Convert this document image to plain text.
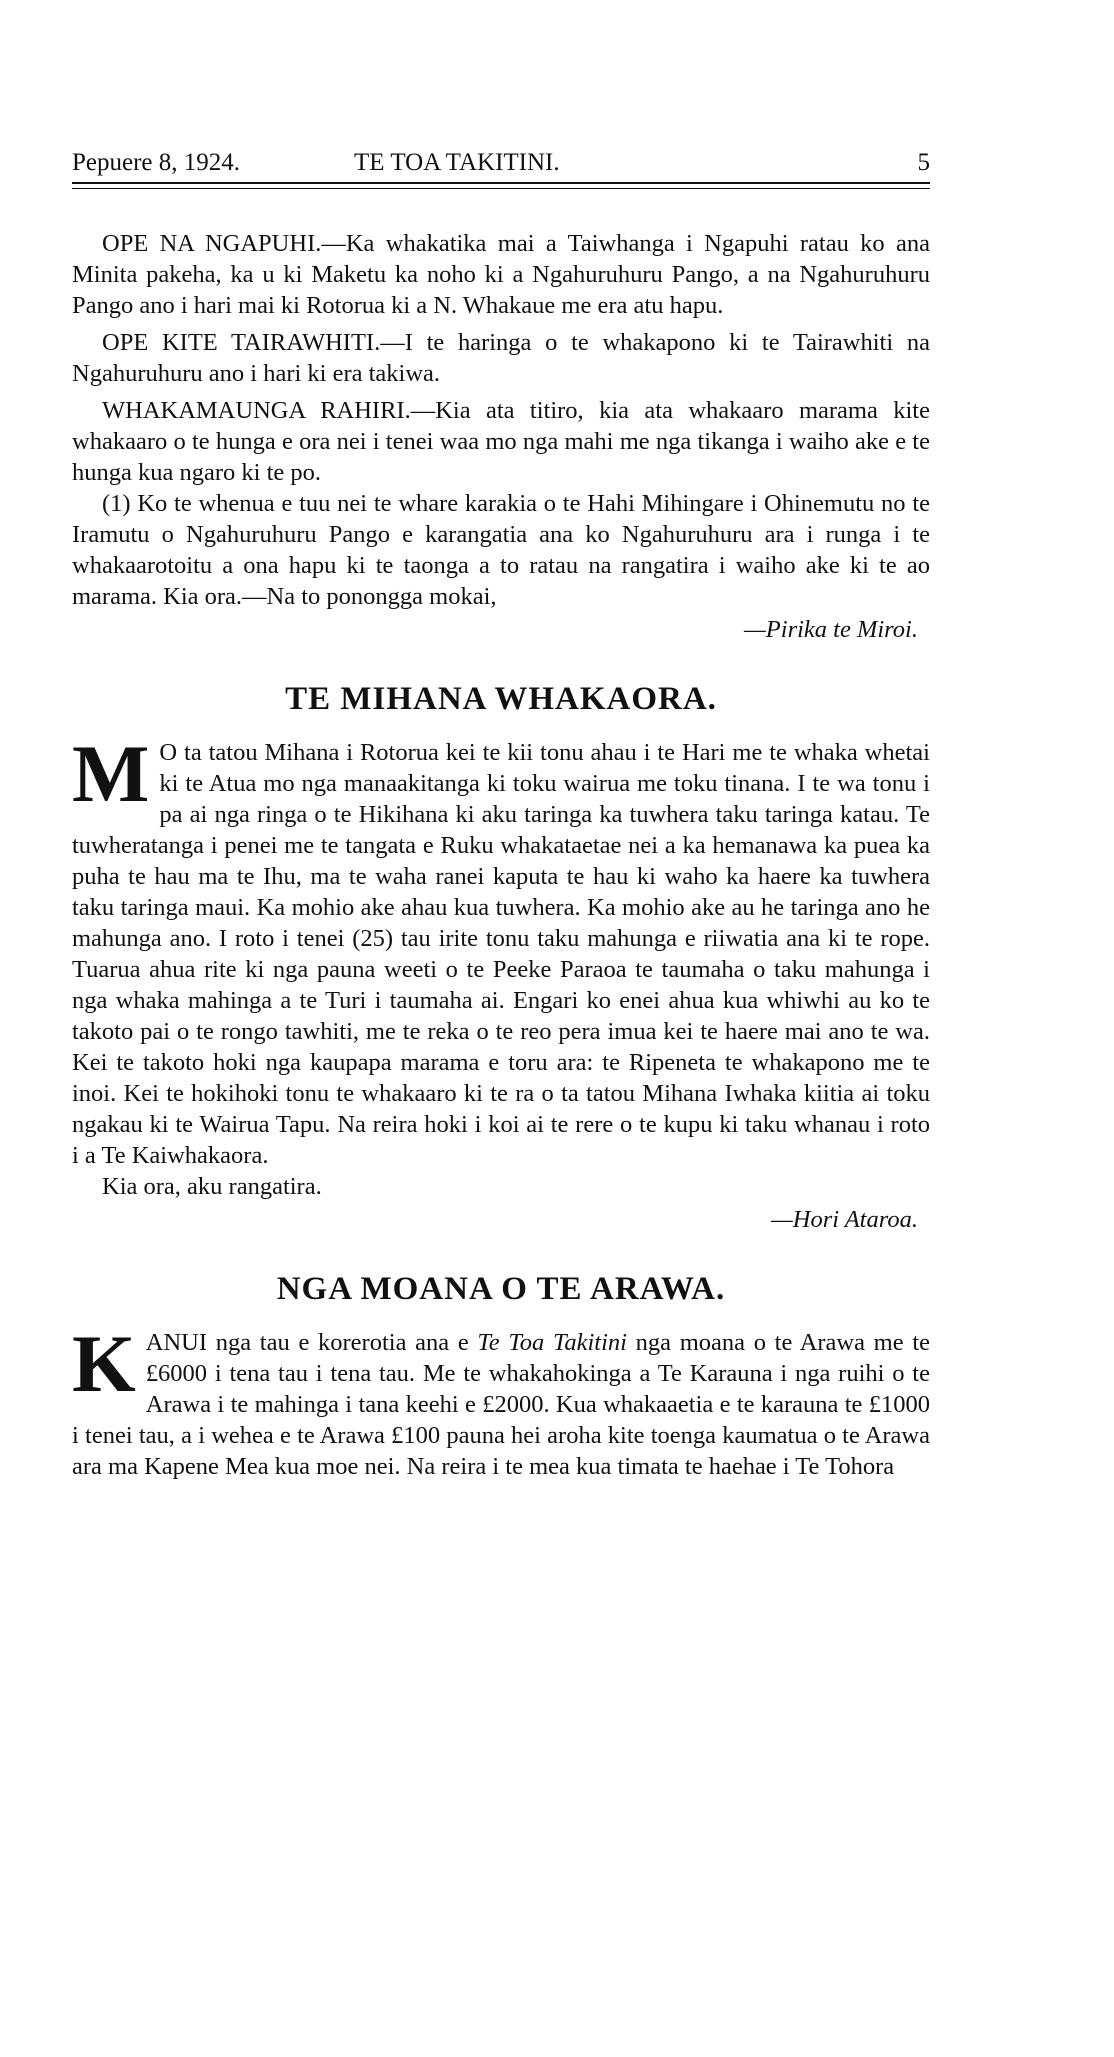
Pepuere 8, 1924.	TE TOA TAKITINI.	5

OPE NA NGAPUHI.—Ka whakatika mai a Taiwhanga i Ngapuhi ratau ko ana Minita pakeha, ka u ki Maketu ka noho ki a Ngahuruhuru Pango, a na Ngahuruhuru Pango ano i hari mai ki Rotorua ki a N. Whakaue me era atu hapu.

OPE KITE TAIRAWHITI.—I te haringa o te whakapono ki te Tairawhiti na Ngahuruhuru ano i hari ki era takiwa.

WHAKAMAUNGA RAHIRI.—Kia ata titiro, kia ata whakaaro marama kite whakaaro o te hunga e ora nei i tenei waa mo nga mahi me nga tikanga i waiho ake e te hunga kua ngaro ki te po.

(1) Ko te whenua e tuu nei te whare karakia o te Hahi Mihingare i Ohinemutu no te Iramutu o Ngahuruhuru Pango e karangatia ana ko Ngahuruhuru ara i runga i te whakaarotoitu a ona hapu ki te taonga a to ratau na rangatira i waiho ake ki te ao marama. Kia ora.—Na to ponongga mokai,

—Pirika te Miroi.

TE MIHANA WHAKAORA.

M O ta tatou Mihana i Rotorua kei te kii tonu ahau i te Hari me te whaka whetai ki te Atua mo nga manaakitanga ki toku wairua me toku tinana. I te wa tonu i pa ai nga ringa o te Hikihana ki aku taringa ka tuwhera taku taringa katau. Te tuwheratanga i penei me te tangata e Ruku whakataetae nei a ka hemanawa ka puea ka puha te hau ma te Ihu, ma te waha ranei kaputa te hau ki waho ka haere ka tuwhera taku taringa maui. Ka mohio ake ahau kua tuwhera. Ka mohio ake au he taringa ano he mahunga ano. I roto i tenei (25) tau irite tonu taku mahunga e riiwatia ana ki te rope. Tuarua ahua rite ki nga pauna weeti o te Peeke Paraoa te taumaha o taku mahunga i nga whaka mahinga a te Turi i taumaha ai. Engari ko enei ahua kua whiwhi au ko te takoto pai o te rongo tawhiti, me te reka o te reo pera imua kei te haere mai ano te wa. Kei te takoto hoki nga kaupapa marama e toru ara: te Ripeneta te whakapono me te inoi. Kei te hokihoki tonu te whakaaro ki te ra o ta tatou Mihana Iwhaka kiitia ai toku ngakau ki te Wairua Tapu. Na reira hoki i koi ai te rere o te kupu ki taku whanau i roto i a Te Kaiwhakaora.

Kia ora, aku rangatira.

—Hori Ataroa.

NGA MOANA O TE ARAWA.

KANUI nga tau e korerotia ana e Te Toa Takitini nga moana o te Arawa me te £6000 i tena tau i tena tau. Me te whakahokinga a Te Karauna i nga ruihi o te Arawa i te mahinga i tana keehi e £2000. Kua whakaaetia e te karauna te £1000 i tenei tau, a i wehea e te Arawa £100 pauna hei aroha kite toenga kaumatua o te Arawa ara ma Kapene Mea kua moe nei. Na reira i te mea kua timata te haehae i Te Tohora
